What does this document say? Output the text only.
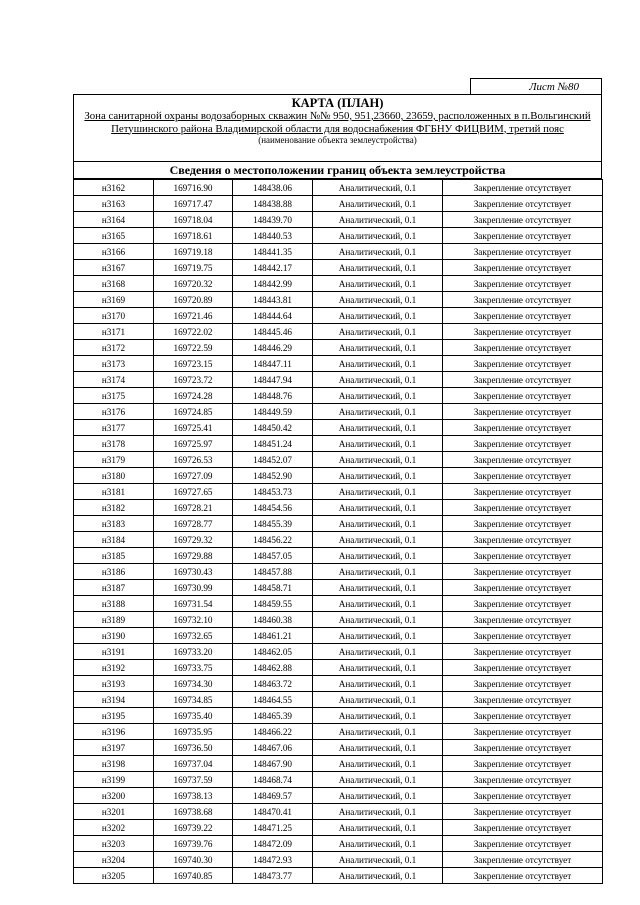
Лист №80
КАРТА (ПЛАН)
Зона санитарной охраны водозаборных скважин №№ 950, 951,23660, 23659, расположенных в п.Вольгинский Петушинского района Владимирской области для водоснабжения ФГБНУ ФИЦВИМ, третий пояс
(наименование объекта землеустройства)
Сведения о местоположении границ объекта землеустройства
н3162	169716.90	148438.06	Аналитический, 0.1	Закрепление отсутствует
н3163	169717.47	148438.88	Аналитический, 0.1	Закрепление отсутствует
н3164	169718.04	148439.70	Аналитический, 0.1	Закрепление отсутствует
н3165	169718.61	148440.53	Аналитический, 0.1	Закрепление отсутствует
н3166	169719.18	148441.35	Аналитический, 0.1	Закрепление отсутствует
н3167	169719.75	148442.17	Аналитический, 0.1	Закрепление отсутствует
н3168	169720.32	148442.99	Аналитический, 0.1	Закрепление отсутствует
н3169	169720.89	148443.81	Аналитический, 0.1	Закрепление отсутствует
н3170	169721.46	148444.64	Аналитический, 0.1	Закрепление отсутствует
н3171	169722.02	148445.46	Аналитический, 0.1	Закрепление отсутствует
н3172	169722.59	148446.29	Аналитический, 0.1	Закрепление отсутствует
н3173	169723.15	148447.11	Аналитический, 0.1	Закрепление отсутствует
н3174	169723.72	148447.94	Аналитический, 0.1	Закрепление отсутствует
н3175	169724.28	148448.76	Аналитический, 0.1	Закрепление отсутствует
н3176	169724.85	148449.59	Аналитический, 0.1	Закрепление отсутствует
н3177	169725.41	148450.42	Аналитический, 0.1	Закрепление отсутствует
н3178	169725.97	148451.24	Аналитический, 0.1	Закрепление отсутствует
н3179	169726.53	148452.07	Аналитический, 0.1	Закрепление отсутствует
н3180	169727.09	148452.90	Аналитический, 0.1	Закрепление отсутствует
н3181	169727.65	148453.73	Аналитический, 0.1	Закрепление отсутствует
н3182	169728.21	148454.56	Аналитический, 0.1	Закрепление отсутствует
н3183	169728.77	148455.39	Аналитический, 0.1	Закрепление отсутствует
н3184	169729.32	148456.22	Аналитический, 0.1	Закрепление отсутствует
н3185	169729.88	148457.05	Аналитический, 0.1	Закрепление отсутствует
н3186	169730.43	148457.88	Аналитический, 0.1	Закрепление отсутствует
н3187	169730.99	148458.71	Аналитический, 0.1	Закрепление отсутствует
н3188	169731.54	148459.55	Аналитический, 0.1	Закрепление отсутствует
н3189	169732.10	148460.38	Аналитический, 0.1	Закрепление отсутствует
н3190	169732.65	148461.21	Аналитический, 0.1	Закрепление отсутствует
н3191	169733.20	148462.05	Аналитический, 0.1	Закрепление отсутствует
н3192	169733.75	148462.88	Аналитический, 0.1	Закрепление отсутствует
н3193	169734.30	148463.72	Аналитический, 0.1	Закрепление отсутствует
н3194	169734.85	148464.55	Аналитический, 0.1	Закрепление отсутствует
н3195	169735.40	148465.39	Аналитический, 0.1	Закрепление отсутствует
н3196	169735.95	148466.22	Аналитический, 0.1	Закрепление отсутствует
н3197	169736.50	148467.06	Аналитический, 0.1	Закрепление отсутствует
н3198	169737.04	148467.90	Аналитический, 0.1	Закрепление отсутствует
н3199	169737.59	148468.74	Аналитический, 0.1	Закрепление отсутствует
н3200	169738.13	148469.57	Аналитический, 0.1	Закрепление отсутствует
н3201	169738.68	148470.41	Аналитический, 0.1	Закрепление отсутствует
н3202	169739.22	148471.25	Аналитический, 0.1	Закрепление отсутствует
н3203	169739.76	148472.09	Аналитический, 0.1	Закрепление отсутствует
н3204	169740.30	148472.93	Аналитический, 0.1	Закрепление отсутствует
н3205	169740.85	148473.77	Аналитический, 0.1	Закрепление отсутствует
